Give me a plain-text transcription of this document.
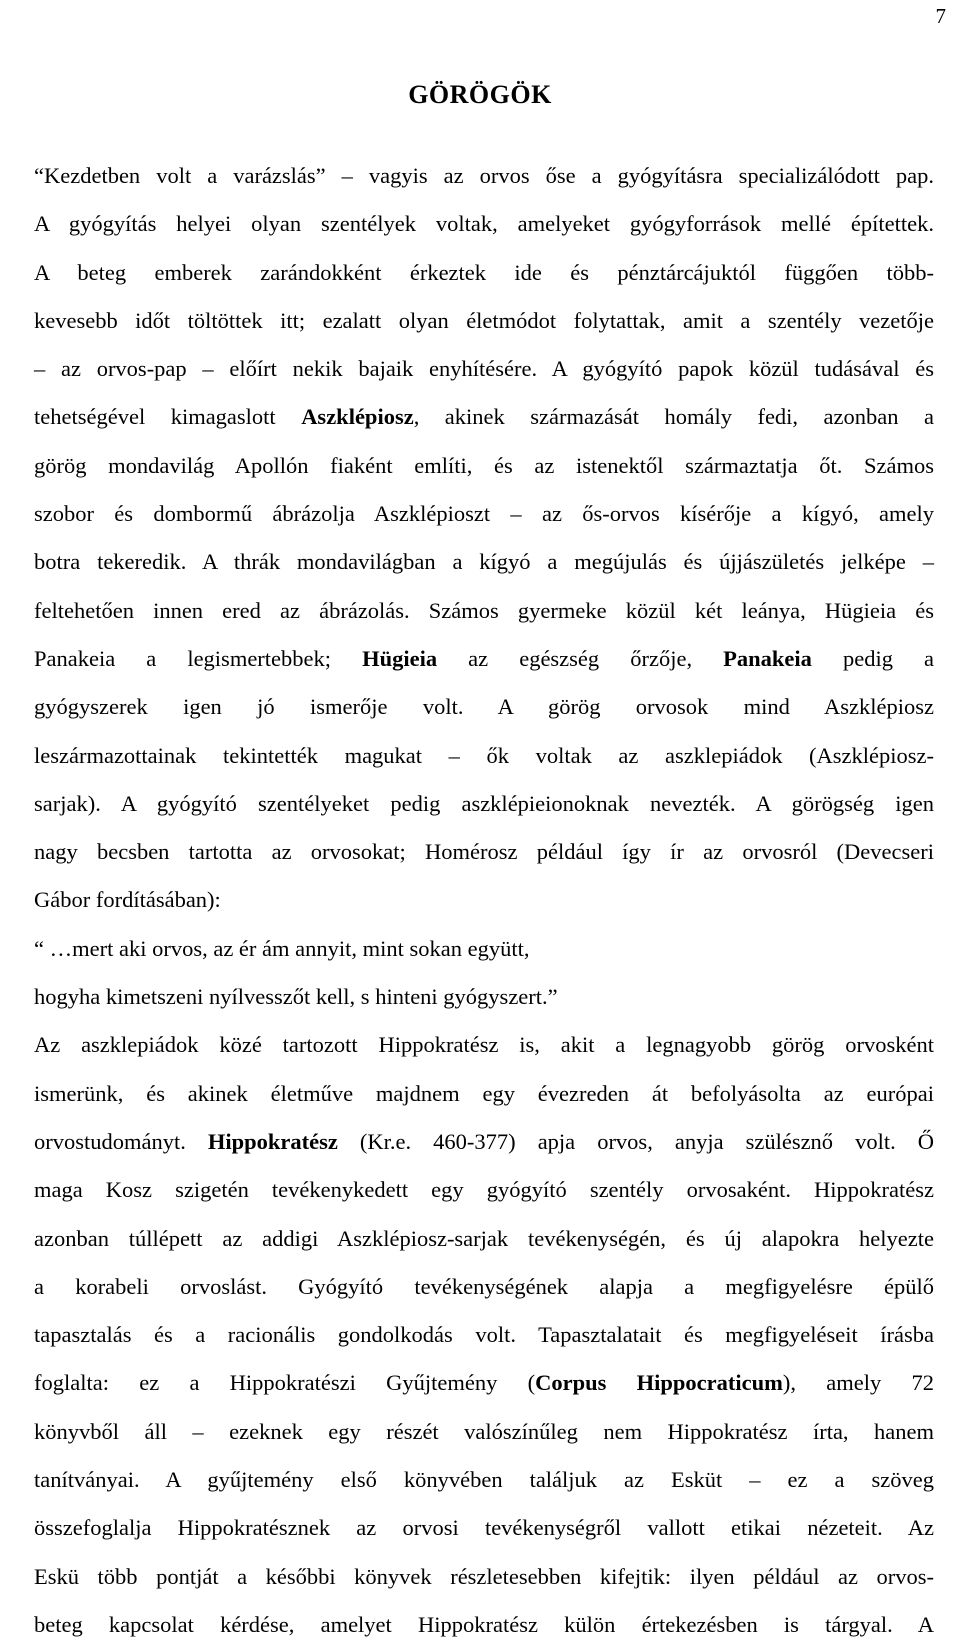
7
GÖRÖGÖK
“Kezdetben volt a varázslás” – vagyis az orvos őse a gyógyításra specializálódott pap.
A gyógyítás helyei olyan szentélyek voltak, amelyeket gyógyforrások mellé építettek.
A beteg emberek zarándokként érkeztek ide és pénztárcájuktól függően több-
kevesebb időt töltöttek itt; ezalatt olyan életmódot folytattak, amit a szentély vezetője
– az orvos-pap – előírt nekik bajaik enyhítésére. A gyógyító papok közül tudásával és
tehetségével kimagaslott Aszklépiosz, akinek származását homály fedi, azonban a
görög mondavilág Apollón fiaként említi, és az istenektől származtatja őt. Számos
szobor és dombormű ábrázolja Aszklépioszt – az ős-orvos kísérője a kígyó, amely
botra tekeredik. A thrák mondavilágban a kígyó a megújulás és újjászületés jelképe –
feltehetően innen ered az ábrázolás. Számos gyermeke közül két leánya, Hügieia és
Panakeia a legismertebbek; Hügieia az egészség őrzője, Panakeia pedig a
gyógyszerek igen jó ismerője volt. A görög orvosok mind Aszklépiosz
leszármazottainak tekintették magukat – ők voltak az aszklepiádok (Aszklépiosz-
sarjak). A gyógyító szentélyeket pedig aszklépieionoknak nevezték. A görögség igen
nagy becsben tartotta az orvosokat; Homérosz például így ír az orvosról (Devecseri
Gábor fordításában):
“ …mert aki orvos, az ér ám annyit, mint sokan együtt,
hogyha kimetszeni nyílvesszőt kell, s hinteni gyógyszert.”
Az aszklepiádok közé tartozott Hippokratész is, akit a legnagyobb görög orvosként
ismerünk, és akinek életműve majdnem egy évezreden át befolyásolta az európai
orvostudományt. Hippokratész (Kr.e. 460-377) apja orvos, anyja szülésznő volt. Ő
maga Kosz szigetén tevékenykedett egy gyógyító szentély orvosaként. Hippokratész
azonban túllépett az addigi Aszklépiosz-sarjak tevékenységén, és új alapokra helyezte
a korabeli orvoslást. Gyógyító tevékenységének alapja a megfigyelésre épülő
tapasztalás és a racionális gondolkodás volt. Tapasztalatait és megfigyeléseit írásba
foglalta: ez a Hippokratészi Gyűjtemény (Corpus Hippocraticum), amely 72
könyvből áll – ezeknek egy részét valószínűleg nem Hippokratész írta, hanem
tanítványai. A gyűjtemény első könyvében találjuk az Esküt – ez a szöveg
összefoglalja Hippokratésznek az orvosi tevékenységről vallott etikai nézeteit. Az
Eskü több pontját a későbbi könyvek részletesebben kifejtik: ilyen például az orvos-
beteg kapcsolat kérdése, amelyet Hippokratész külön értekezésben is tárgyal. A
